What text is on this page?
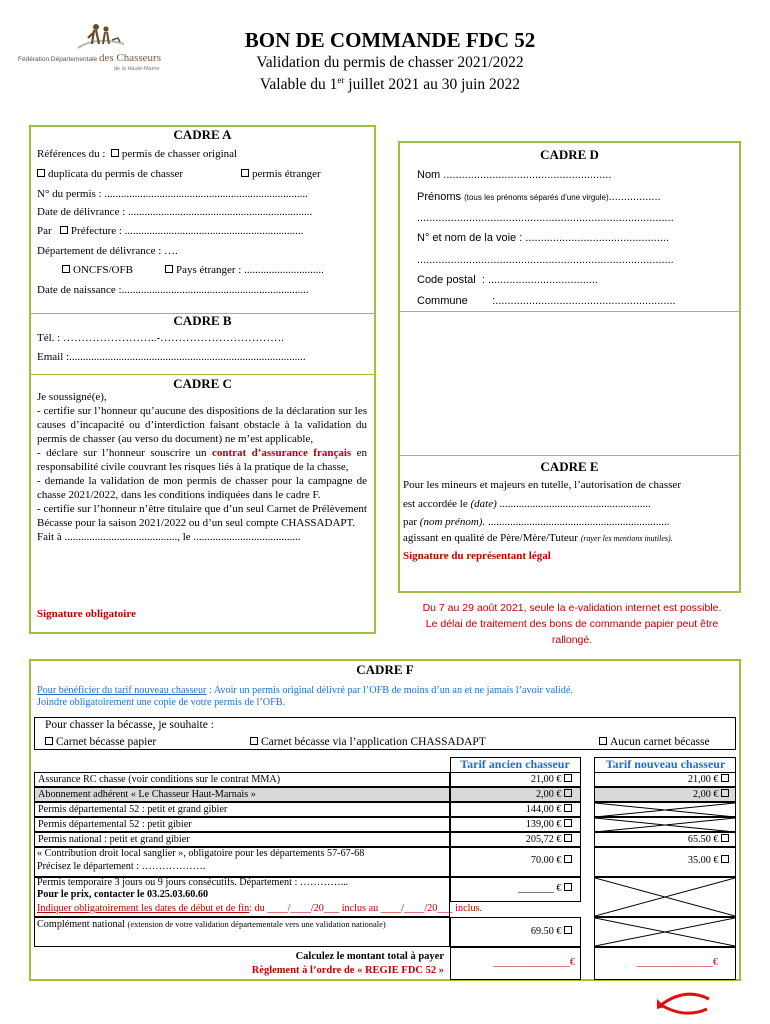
Fédération Départementale des Chasseurs
de la Haute-Marne
BON DE COMMANDE FDC 52
Validation du permis de chasser 2021/2022
Valable du 1er juillet 2021 au 30 juin 2022
CADRE A
Références du : permis de chasser original
duplicata du permis de chasser	permis étranger
N° du permis : ..........................................................................
Date de délivrance : ...................................................................
Par Préfecture : .................................................................
Département de délivrance : ….
ONCFS/OFB	Pays étranger : .............................
Date de naissance :....................................................................
CADRE B
Tél. : ……………………..-…………………………….
Email :......................................................................................
CADRE C
Je soussigné(e),
- certifie sur l’honneur qu’aucune des dispositions de la déclaration sur les causes d’incapacité ou d’interdiction faisant obstacle à la validation du permis de chasser (au verso du document) ne m’est applicable,
- déclare sur l’honneur souscrire un contrat d’assurance français en responsabilité civile couvrant les risques liés à la pratique de la chasse,
- demande la validation de mon permis de chasser pour la campagne de chasse 2021/2022, dans les conditions indiquées dans le cadre F.
- certifie sur l’honneur n’être titulaire que d’un seul Carnet de Prélèvement Bécasse pour la saison 2021/2022 ou d’un seul compte CHASSADAPT.
Fait à ........................................., le .......................................
Signature obligatoire
CADRE D
Nom .......................................................
Prénoms (tous les prénoms séparés d’une virgule).................
....................................................................................
N° et nom de la voie : ...............................................
....................................................................................
Code postal  : ....................................
Commune        :...........................................................
CADRE E
Pour les mineurs et majeurs en tutelle, l’autorisation de chasser
est accordée le (date) .......................................................
par (nom prénom). ..................................................................
agissant en qualité de Père/Mère/Tuteur (rayer les mentions inutiles).
Signature du représentant légal
Du 7 au 29 août 2021, seule la e-validation internet est possible. Le délai de traitement des bons de commande papier peut être rallongé.
CADRE F
Pour bénéficier du tarif nouveau chasseur : Avoir un permis original délivré par l’OFB de moins d’un an et ne jamais l’avoir validé.
Joindre obligatoirement une copie de votre permis de l’OFB.
Pour chasser la bécasse, je souhaite :
Carnet bécasse papier	Carnet bécasse via l’application CHASSADAPT	Aucun carnet bécasse
Tarif ancien chasseur	Tarif nouveau chasseur
Assurance RC chasse (voir conditions sur le contrat MMA)	21,00 €	21,00 €
Abonnement adhérent « Le Chasseur Haut-Marnais »	2,00 €	2,00 €
Permis départemental 52 : petit et grand gibier	144,00 €
Permis départemental 52 : petit gibier	139,00 €
Permis national : petit et grand gibier	205,72 €	65.50 €
« Contribution droit local sanglier », obligatoire pour les départements 57-67-68
Précisez le département : ……………….
70.00 €	35.00 €
Permis temporaire 3 jours ou 9 jours consécutifs. Département : …………...
Pour le prix, contacter le 03.25.03.60.60
_______ €
Indiquer obligatoirement les dates de début et de fin: du ____/____/20___ inclus au ____/____/20___ inclus.
Complément national (extension de votre validation départementale vers une validation nationale)
69.50 €
Calculez le montant total à payer
Règlement à l’ordre de « REGIE FDC 52 »
_______________€	_______________€
